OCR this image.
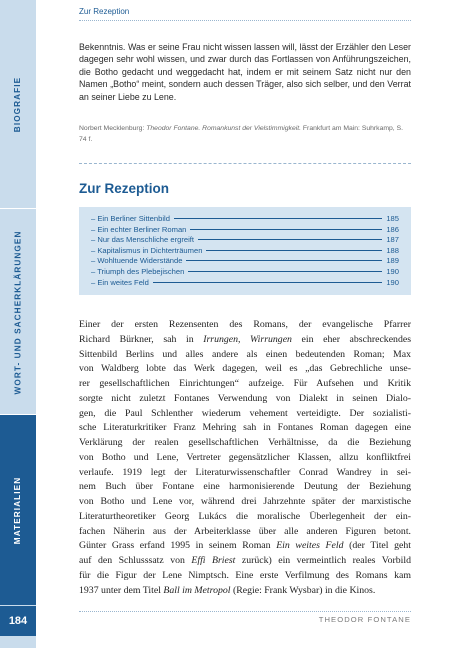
BIOGRAFIE
WORT- UND SACHERKLÄRUNGEN
MATERIALIEN
184
Zur Rezeption
Bekenntnis. Was er seine Frau nicht wissen lassen will, lässt der Erzähler den Leser dagegen sehr wohl wissen, und zwar durch das Fortlassen von Anführungszeichen, die Botho gedacht und weggedacht hat, indem er mit seinem Satz nicht nur den Namen „Botho“ meint, sondern auch dessen Träger, also sich selber, und den Verrat an seiner Liebe zu Lene.
Norbert Mecklenburg: Theodor Fontane. Romankunst der Vielstimmigkeit. Frankfurt am Main: Suhrkamp, S. 74 f.
Zur Rezeption
– Ein Berliner Sittenbild	185
– Ein echter Berliner Roman	186
– Nur das Menschliche ergreift	187
– Kapitalismus in Dichterträumen	188
– Wohltuende Widerstände	189
– Triumph des Plebejischen	190
– Ein weites Feld	190
Einer der ersten Rezensenten des Romans, der evangelische Pfarrer
Richard Bürkner, sah in Irrungen, Wirrungen ein eher abschreckendes
Sittenbild Berlins und alles andere als einen bedeutenden Roman; Max
von Waldberg lobte das Werk dagegen, weil es „das Gebrechliche unse-
rer gesellschaftlichen Einrichtungen“ aufzeige. Für Aufsehen und Kritik
sorgte nicht zuletzt Fontanes Verwendung von Dialekt in seinen Dialo-
gen, die Paul Schlenther wiederum vehement verteidigte. Der sozialisti-
sche Literaturkritiker Franz Mehring sah in Fontanes Roman dagegen eine
Verklärung der realen gesellschaftlichen Verhältnisse, da die Beziehung
von Botho und Lene, Vertreter gegensätzlicher Klassen, allzu konfliktfrei
verlaufe. 1919 legt der Literaturwissenschaftler Conrad Wandrey in sei-
nem Buch über Fontane eine harmonisierende Deutung der Beziehung
von Botho und Lene vor, während drei Jahrzehnte später der marxistische
Literaturtheoretiker Georg Lukács die moralische Überlegenheit der ein-
fachen Näherin aus der Arbeiterklasse über alle anderen Figuren betont.
Günter Grass erfand 1995 in seinem Roman Ein weites Feld (der Titel geht
auf den Schlusssatz von Effi Briest zurück) ein vermeintlich reales Vorbild
für die Figur der Lene Nimptsch. Eine erste Verfilmung des Romans kam
1937 unter dem Titel Ball im Metropol (Regie: Frank Wysbar) in die Kinos.
THEODOR FONTANE
